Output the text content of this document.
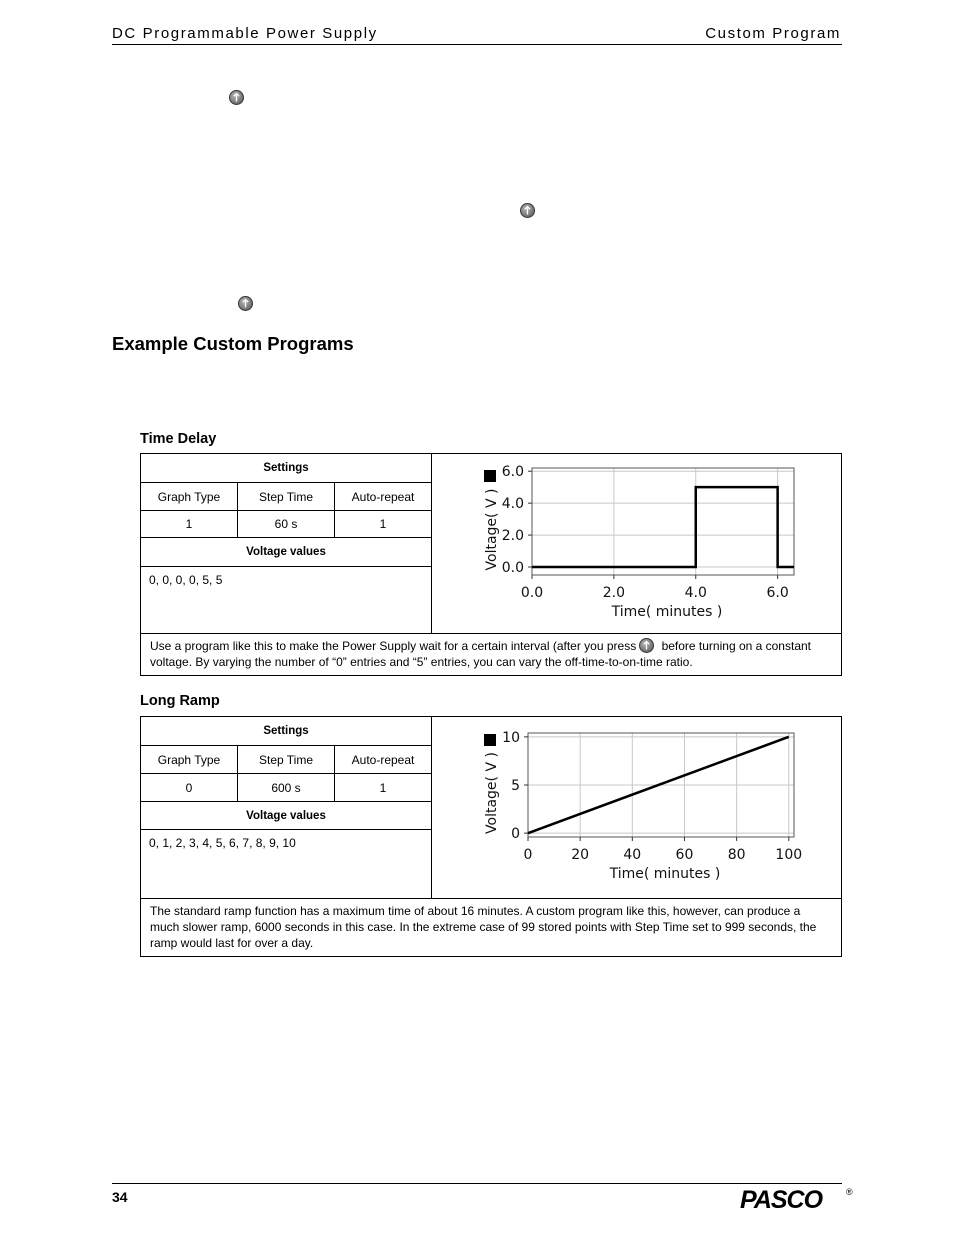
DC Programmable Power Supply	Custom Program
Example Custom Programs
Time Delay
Settings
Graph Type	Step Time	Auto-repeat
1	60 s	1
Voltage values
0, 0, 0, 0, 5, 5
0.0	2.0	4.0	6.0
0.0
2.0
4.0
6.0
Time( minutes )
Voltage( V )
Use a program like this to make the Power Supply wait for a certain interval (after you press before turning on a constant voltage. By varying the number of “0” entries and “5” entries, you can vary the off-time-to-on-time ratio.
Long Ramp
Settings
Graph Type	Step Time	Auto-repeat
0	600 s	1
Voltage values
0, 1, 2, 3, 4, 5, 6, 7, 8, 9, 10
0	20 40 60 80 100
0
5
10
Time( minutes )
Voltage( V )
The standard ramp function has a maximum time of about 16 minutes. A custom program like this, however, can produce a much slower ramp, 6000 seconds in this case. In the extreme case of 99 stored points with Step Time set to 999 seconds, the ramp would last for over a day.
34	PASCO	®
